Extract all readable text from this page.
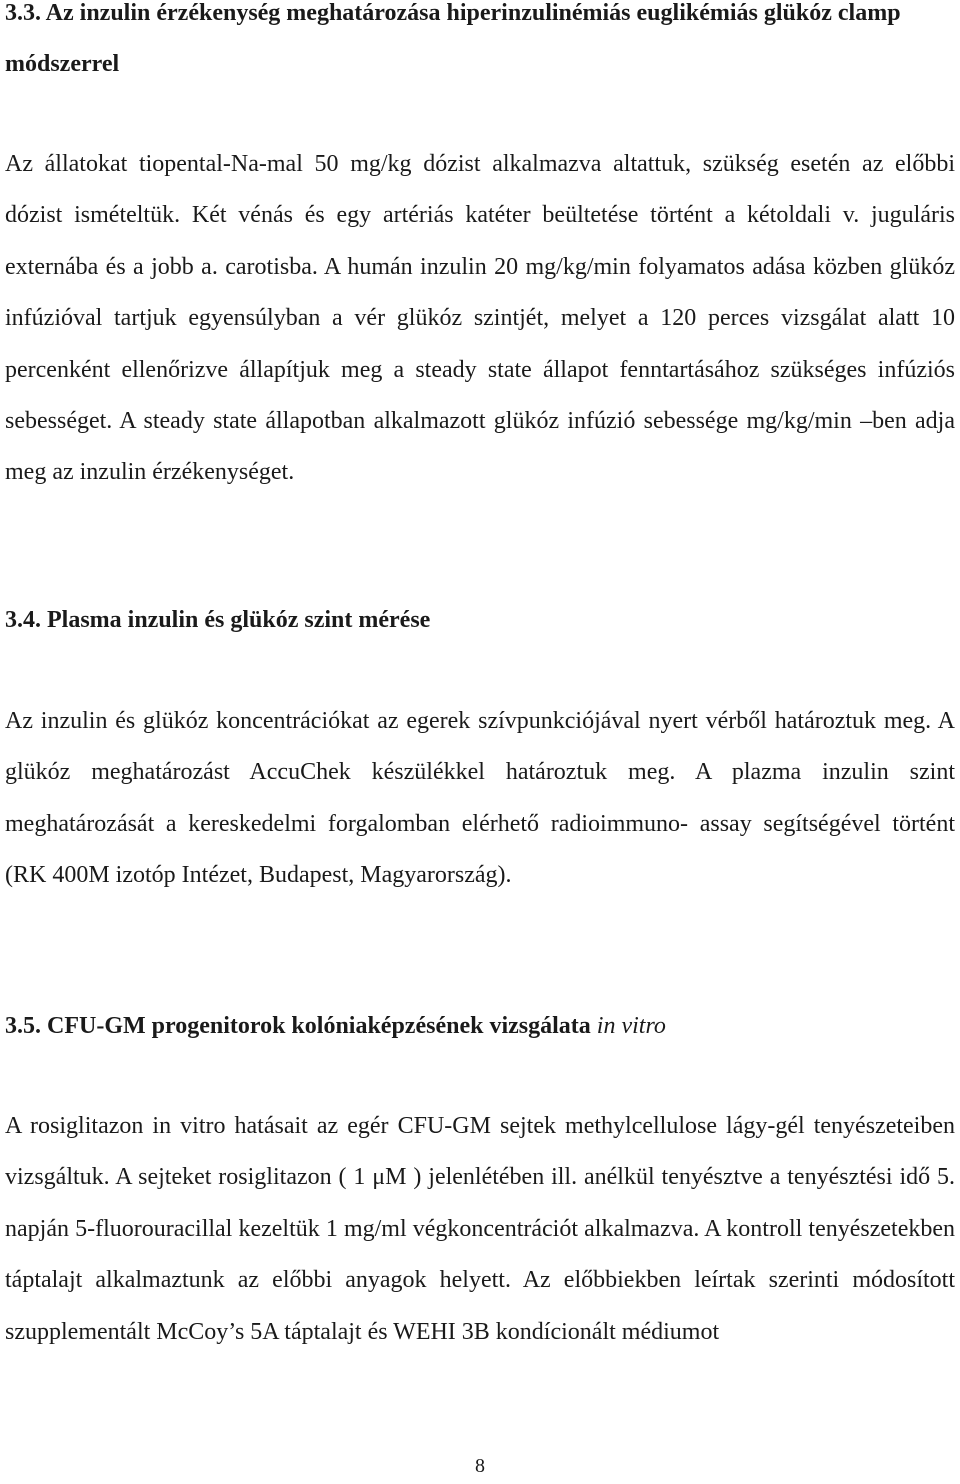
3.3. Az inzulin érzékenység meghatározása hiperinzulinémiás euglikémiás glükóz clamp módszerrel

Az állatokat tiopental-Na-mal 50 mg/kg dózist alkalmazva altattuk, szükség esetén az előbbi dózist ismételtük. Két vénás és egy artériás katéter beültetése történt a kétoldali v. juguláris externába és a jobb a. carotisba. A humán inzulin 20 mg/kg/min folyamatos adása közben glükóz infúzióval tartjuk egyensúlyban a vér glükóz szintjét, melyet a 120 perces vizsgálat alatt 10 percenként ellenőrizve állapítjuk meg a steady state állapot fenntartásához szükséges infúziós sebességet. A steady state állapotban alkalmazott glükóz infúzió sebessége mg/kg/min –ben adja meg az inzulin érzékenységet.

3.4. Plasma inzulin és glükóz szint mérése

Az inzulin és glükóz koncentrációkat az egerek szívpunkciójával nyert vérből határoztuk meg. A glükóz meghatározást AccuChek készülékkel határoztuk meg. A plazma inzulin szint meghatározását a kereskedelmi forgalomban elérhető radioimmuno- assay segítségével történt (RK 400M izotóp Intézet, Budapest, Magyarország).

3.5. CFU-GM progenitorok kolóniaképzésének vizsgálata in vitro

A rosiglitazon in vitro hatásait az egér CFU-GM sejtek methylcellulose lágy-gél tenyészeteiben vizsgáltuk. A sejteket rosiglitazon ( 1 μM ) jelenlétében ill. anélkül tenyésztve a tenyésztési idő 5. napján 5-fluorouracillal kezeltük 1 mg/ml végkoncentrációt alkalmazva. A kontroll tenyészetekben táptalajt alkalmaztunk az előbbi anyagok helyett. Az előbbiekben leírtak szerinti módosított szupplementált McCoy’s 5A táptalajt és WEHI 3B kondícionált médiumot

8
